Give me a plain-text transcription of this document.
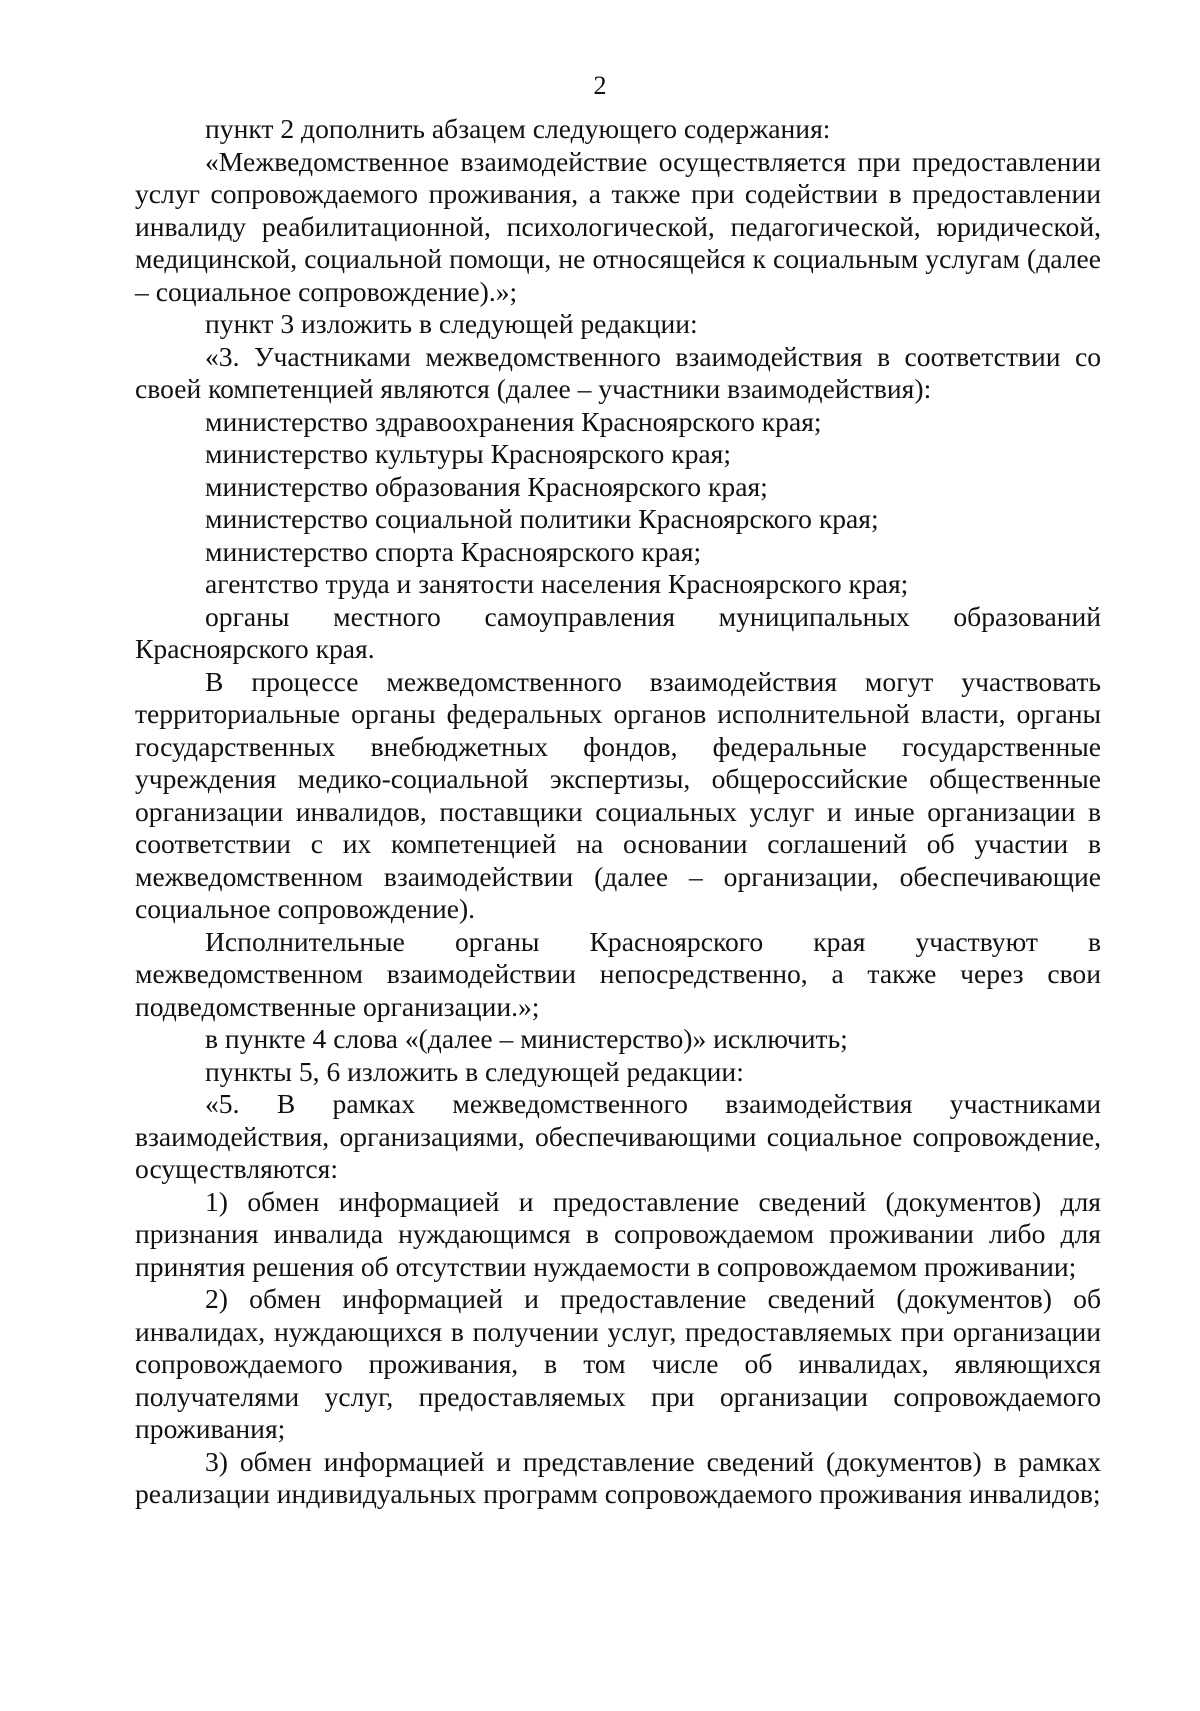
2

пункт 2 дополнить абзацем следующего содержания:

«Межведомственное взаимодействие осуществляется при предоставлении услуг сопровождаемого проживания, а также при содействии в предоставлении инвалиду реабилитационной, психологической, педагогической, юридической, медицинской, социальной помощи, не относящейся к социальным услугам (далее – социальное сопровождение).»;

пункт 3 изложить в следующей редакции:

«3. Участниками межведомственного взаимодействия в соответствии со своей компетенцией являются (далее – участники взаимодействия):

министерство здравоохранения Красноярского края;

министерство культуры Красноярского края;

министерство образования Красноярского края;

министерство социальной политики Красноярского края;

министерство спорта Красноярского края;

агентство труда и занятости населения Красноярского края;

органы местного самоуправления муниципальных образований Красноярского края.

В процессе межведомственного взаимодействия могут участвовать территориальные органы федеральных органов исполнительной власти, органы государственных внебюджетных фондов, федеральные государственные учреждения медико-социальной экспертизы, общероссийские общественные организации инвалидов, поставщики социальных услуг и иные организации в соответствии с их компетенцией на основании соглашений об участии в межведомственном взаимодействии (далее – организации, обеспечивающие социальное сопровождение).

Исполнительные органы Красноярского края участвуют в межведомственном взаимодействии непосредственно, а также через свои подведомственные организации.»;

в пункте 4 слова «(далее – министерство)» исключить;

пункты 5, 6 изложить в следующей редакции:

«5. В рамках межведомственного взаимодействия участниками взаимодействия, организациями, обеспечивающими социальное сопровождение, осуществляются:

1) обмен информацией и предоставление сведений (документов) для признания инвалида нуждающимся в сопровождаемом проживании либо для принятия решения об отсутствии нуждаемости в сопровождаемом проживании;

2) обмен информацией и предоставление сведений (документов) об инвалидах, нуждающихся в получении услуг, предоставляемых при организации сопровождаемого проживания, в том числе об инвалидах, являющихся получателями услуг, предоставляемых при организации сопровождаемого проживания;

3) обмен информацией и представление сведений (документов) в рамках реализации индивидуальных программ сопровождаемого проживания инвалидов;
